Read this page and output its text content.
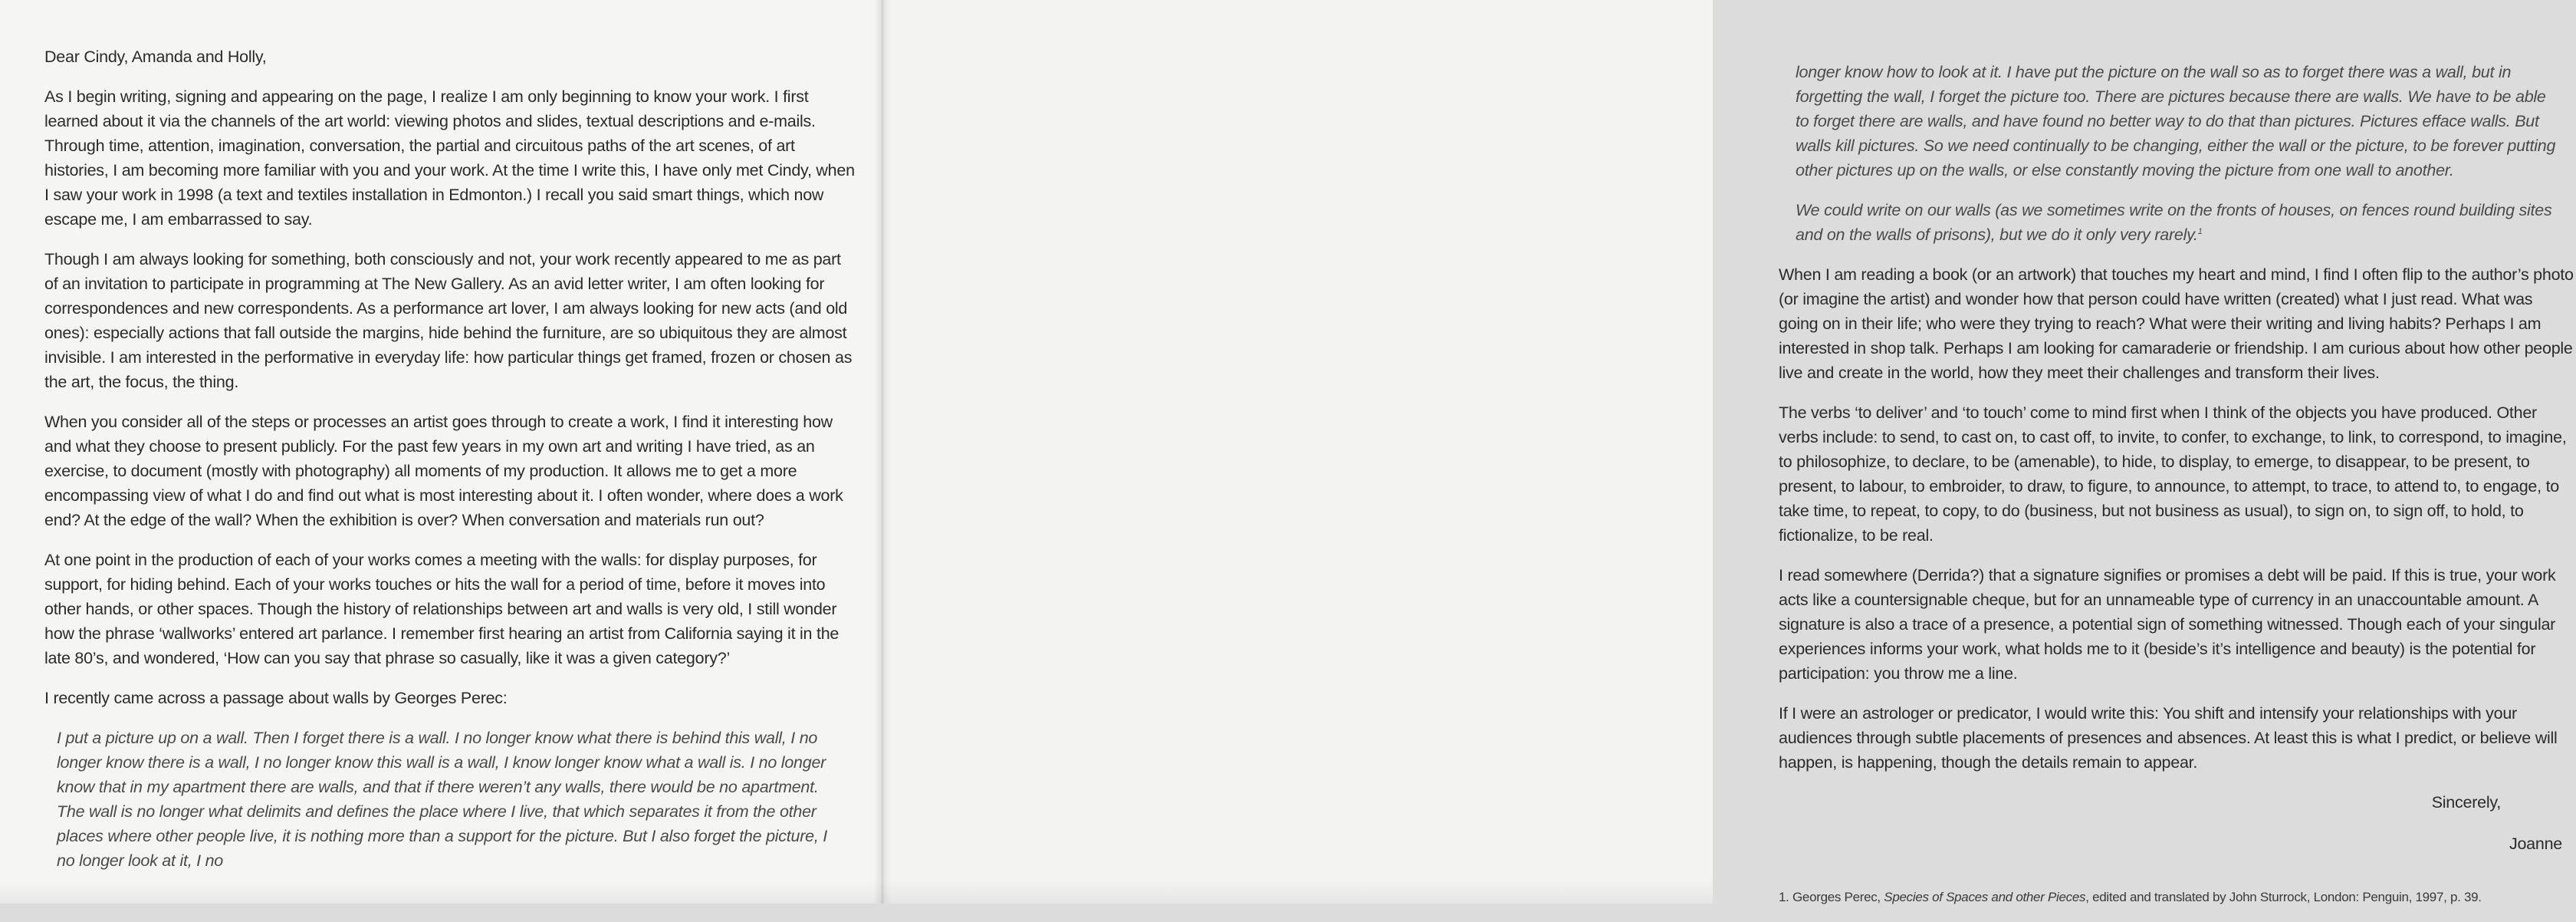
Dear Cindy, Amanda and Holly,

As I begin writing, signing and appearing on the page, I realize I am only beginning to know your work. I first learned about it via the channels of the art world: viewing photos and slides, textual descriptions and e-mails. Through time, attention, imagination, conversation, the partial and circuitous paths of the art scenes, of art histories, I am becoming more familiar with you and your work. At the time I write this, I have only met Cindy, when I saw your work in 1998 (a text and textiles installation in Edmonton.) I recall you said smart things, which now escape me, I am embarrassed to say.

Though I am always looking for something, both consciously and not, your work recently appeared to me as part of an invitation to participate in programming at The New Gallery. As an avid letter writer, I am often looking for correspondences and new correspondents. As a performance art lover, I am always looking for new acts (and old ones): especially actions that fall outside the margins, hide behind the furniture, are so ubiquitous they are almost invisible. I am interested in the performative in everyday life: how particular things get framed, frozen or chosen as the art, the focus, the thing.

When you consider all of the steps or processes an artist goes through to create a work, I find it interesting how and what they choose to present publicly. For the past few years in my own art and writing I have tried, as an exercise, to document (mostly with photography) all moments of my production. It allows me to get a more encompassing view of what I do and find out what is most interesting about it. I often wonder, where does a work end? At the edge of the wall? When the exhibition is over? When conversation and materials run out?

At one point in the production of each of your works comes a meeting with the walls: for display purposes, for support, for hiding behind. Each of your works touches or hits the wall for a period of time, before it moves into other hands, or other spaces. Though the history of relationships between art and walls is very old, I still wonder how the phrase ‘wallworks’ entered art parlance. I remember first hearing an artist from California saying it in the late 80’s, and wondered, ‘How can you say that phrase so casually, like it was a given category?’

I recently came across a passage about walls by Georges Perec:

I put a picture up on a wall. Then I forget there is a wall. I no longer know what there is behind this wall, I no longer know there is a wall, I no longer know this wall is a wall, I know longer know what a wall is. I no longer know that in my apartment there are walls, and that if there weren’t any walls, there would be no apartment. The wall is no longer what delimits and defines the place where I live, that which separates it from the other places where other people live, it is nothing more than a support for the picture. But I also forget the picture, I no longer look at it, I no

longer know how to look at it. I have put the picture on the wall so as to forget there was a wall, but in forgetting the wall, I forget the picture too. There are pictures because there are walls. We have to be able to forget there are walls, and have found no better way to do that than pictures. Pictures efface walls. But walls kill pictures. So we need continually to be changing, either the wall or the picture, to be forever putting other pictures up on the walls, or else constantly moving the picture from one wall to another.

We could write on our walls (as we sometimes write on the fronts of houses, on fences round building sites and on the walls of prisons), but we do it only very rarely.$^1$

When I am reading a book (or an artwork) that touches my heart and mind, I find I often flip to the author’s photo (or imagine the artist) and wonder how that person could have written (created) what I just read. What was going on in their life; who were they trying to reach? What were their writing and living habits? Perhaps I am interested in shop talk. Perhaps I am looking for camaraderie or friendship. I am curious about how other people live and create in the world, how they meet their challenges and transform their lives.

The verbs ‘to deliver’ and ‘to touch’ come to mind first when I think of the objects you have produced. Other verbs include: to send, to cast on, to cast off, to invite, to confer, to exchange, to link, to correspond, to imagine, to philosophize, to declare, to be (amenable), to hide, to display, to emerge, to disappear, to be present, to present, to labour, to embroider, to draw, to figure, to announce, to attempt, to trace, to attend to, to engage, to take time, to repeat, to copy, to do (business, but not business as usual), to sign on, to sign off, to hold, to fictionalize, to be real.

I read somewhere (Derrida?) that a signature signifies or promises a debt will be paid. If this is true, your work acts like a countersignable cheque, but for an unnameable type of currency in an unaccountable amount. A signature is also a trace of a presence, a potential sign of something witnessed. Though each of your singular experiences informs your work, what holds me to it (beside’s it’s intelligence and beauty) is the potential for participation: you throw me a line.

If I were an astrologer or predicator, I would write this: You shift and intensify your relationships with your audiences through subtle placements of presences and absences. At least this is what I predict, or believe will happen, is happening, though the details remain to appear.

Sincerely,

Joanne

1. Georges Perec, Species of Spaces and other Pieces, edited and translated by John Sturrock, London: Penguin, 1997, p. 39.
